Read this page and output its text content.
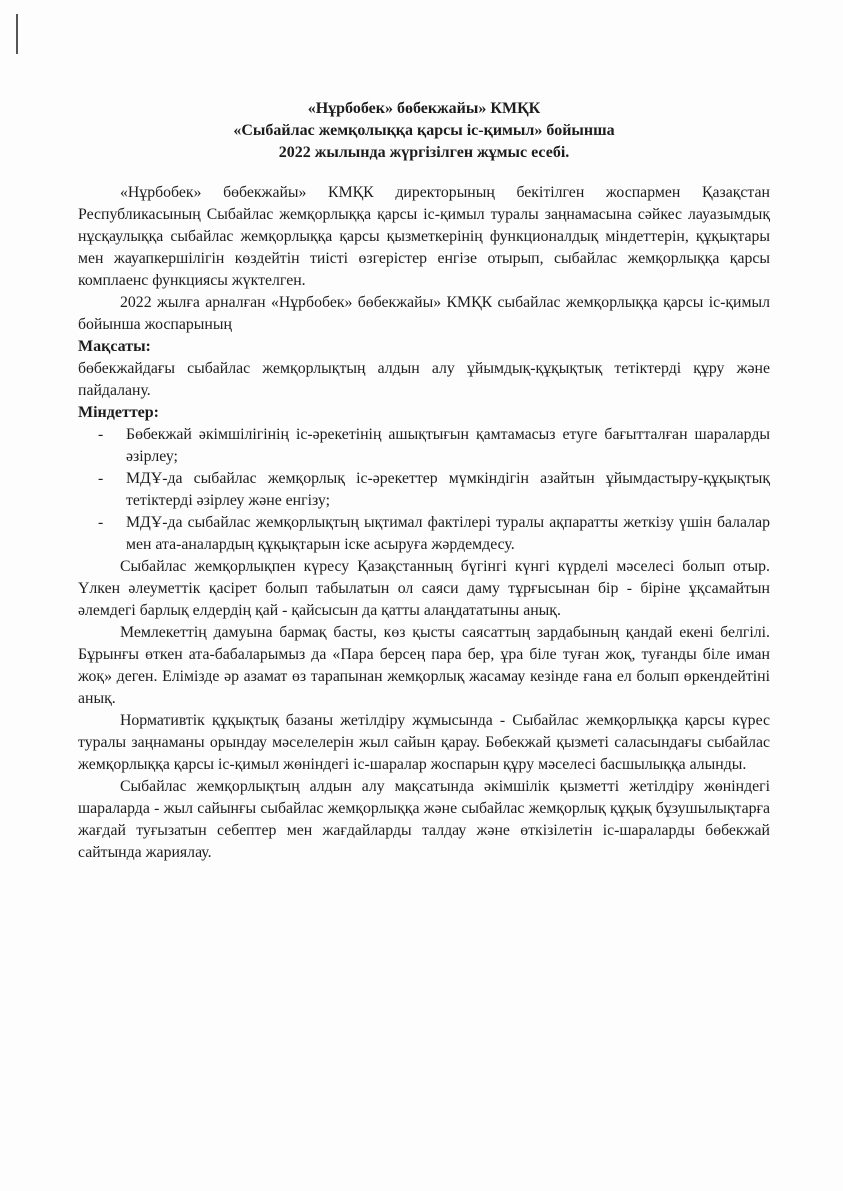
«Нұрбобек» бөбекжайы» КМҚК
«Сыбайлас жемқолыққа қарсы іс-қимыл» бойынша
2022 жылында жүргізілген жұмыс есебі.

«Нұрбобек» бөбекжайы» КМҚК директорының бекітілген жоспармен Қазақстан Республикасының Сыбайлас жемқорлыққа қарсы іс-қимыл туралы заңнамасына сәйкес лауазымдық нұсқаулыққа сыбайлас жемқорлыққа қарсы қызметкерінің функционалдық міндеттерін, құқықтары мен жауапкершілігін көздейтін тиісті өзгерістер енгізе отырып, сыбайлас жемқорлыққа қарсы комплаенс функциясы жүктелген.

2022 жылға арналған «Нұрбобек» бөбекжайы» КМҚК сыбайлас жемқорлыққа қарсы іс-қимыл бойынша жоспарының

Мақсаты:

бөбекжайдағы сыбайлас жемқорлықтың алдын алу ұйымдық-құқықтық тетіктерді құру және пайдалану.

Міндеттер:

- Бөбекжай әкімшілігінің іс-әрекетінің ашықтығын қамтамасыз етуге бағытталған шараларды әзірлеу;
- МДҰ-да сыбайлас жемқорлық іс-әрекеттер мүмкіндігін азайтын ұйымдастыру-құқықтық тетіктерді әзірлеу және енгізу;
- МДҰ-да сыбайлас жемқорлықтың ықтимал фактілері туралы ақпаратты жеткізу үшін балалар мен ата-аналардың құқықтарын іске асыруға жәрдемдесу.

Сыбайлас жемқорлықпен күресу Қазақстанның бүгінгі күнгі күрделі мәселесі болып отыр. Үлкен әлеуметтік қасірет болып табылатын ол саяси даму тұрғысынан бір - біріне ұқсамайтын әлемдегі барлық елдердің қай - қайсысын да қатты алаңдататыны анық.

Мемлекеттің дамуына бармақ басты, көз қысты саясаттың зардабының қандай екені белгілі. Бұрынғы өткен ата-бабаларымыз да «Пара берсең пара бер, ұра біле туған жоқ, туғанды біле иман жоқ» деген. Елімізде әр азамат өз тарапынан жемқорлық жасамау кезінде ғана ел болып өркендейтіні анық.

Нормативтік құқықтық базаны жетілдіру жұмысында - Сыбайлас жемқорлыққа қарсы күрес туралы заңнаманы орындау мәселелерін жыл сайын қарау. Бөбекжай қызметі саласындағы сыбайлас жемқорлыққа қарсы іс-қимыл жөніндегі іс-шаралар жоспарын құру мәселесі басшылыққа алынды.

Сыбайлас жемқорлықтың алдын алу мақсатында әкімшілік қызметті жетілдіру жөніндегі шараларда - жыл сайынғы сыбайлас жемқорлыққа және сыбайлас жемқорлық құқық бұзушылықтарға жағдай туғызатын себептер мен жағдайларды талдау және өткізілетін іс-шараларды бөбекжай сайтында жариялау.
